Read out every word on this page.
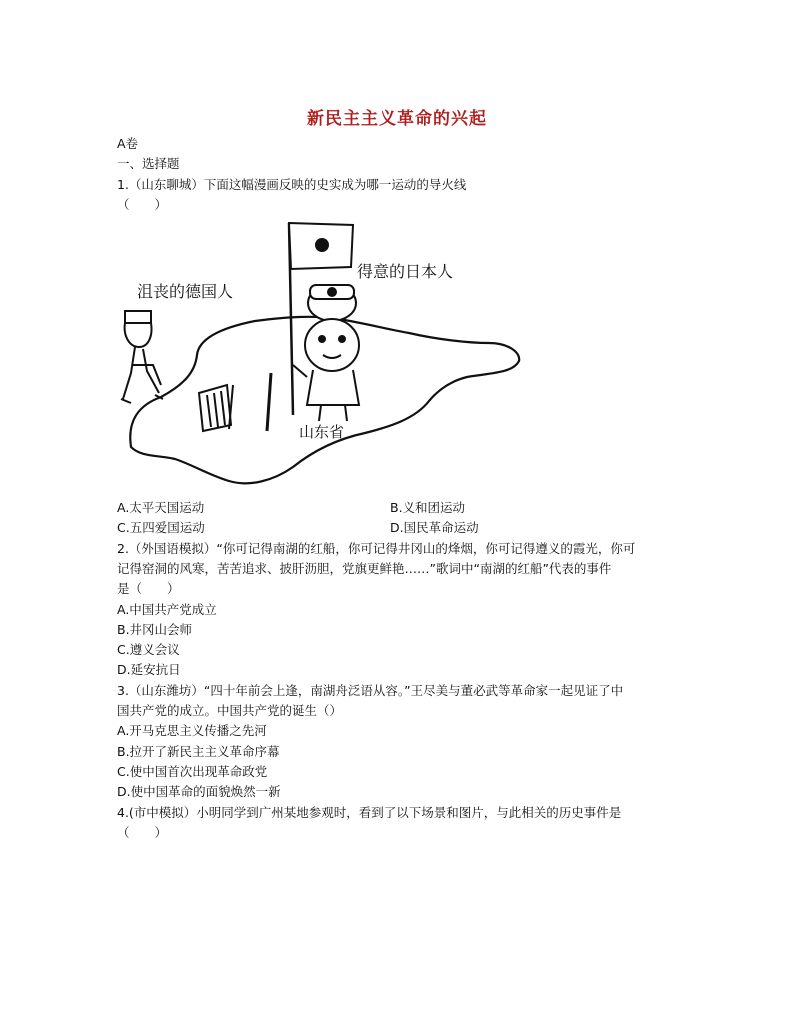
新民主主义革命的兴起
A卷
一、选择题
1.（山东聊城）下面这幅漫画反映的史实成为哪一运动的导火线
（　　）
得意的日本人
沮丧的德国人
山东省
A.太平天国运动	B.义和团运动
C.五四爱国运动	D.国民革命运动
2.（外国语模拟）“你可记得南湖的红船，你可记得井冈山的烽烟，你可记得遵义的霞光，你可
记得窑洞的风寒，苦苦追求、披肝沥胆，党旗更鲜艳……”歌词中“南湖的红船”代表的事件
是（　　）
A.中国共产党成立
B.井冈山会师
C.遵义会议
D.延安抗日
3.（山东潍坊）“四十年前会上逢，南湖舟泛语从容。”王尽美与董必武等革命家一起见证了中
国共产党的成立。中国共产党的诞生（）
A.开马克思主义传播之先河
B.拉开了新民主主义革命序幕
C.使中国首次出现革命政党
D.使中国革命的面貌焕然一新
4.(市中模拟）小明同学到广州某地参观时，看到了以下场景和图片，与此相关的历史事件是
（　　）
